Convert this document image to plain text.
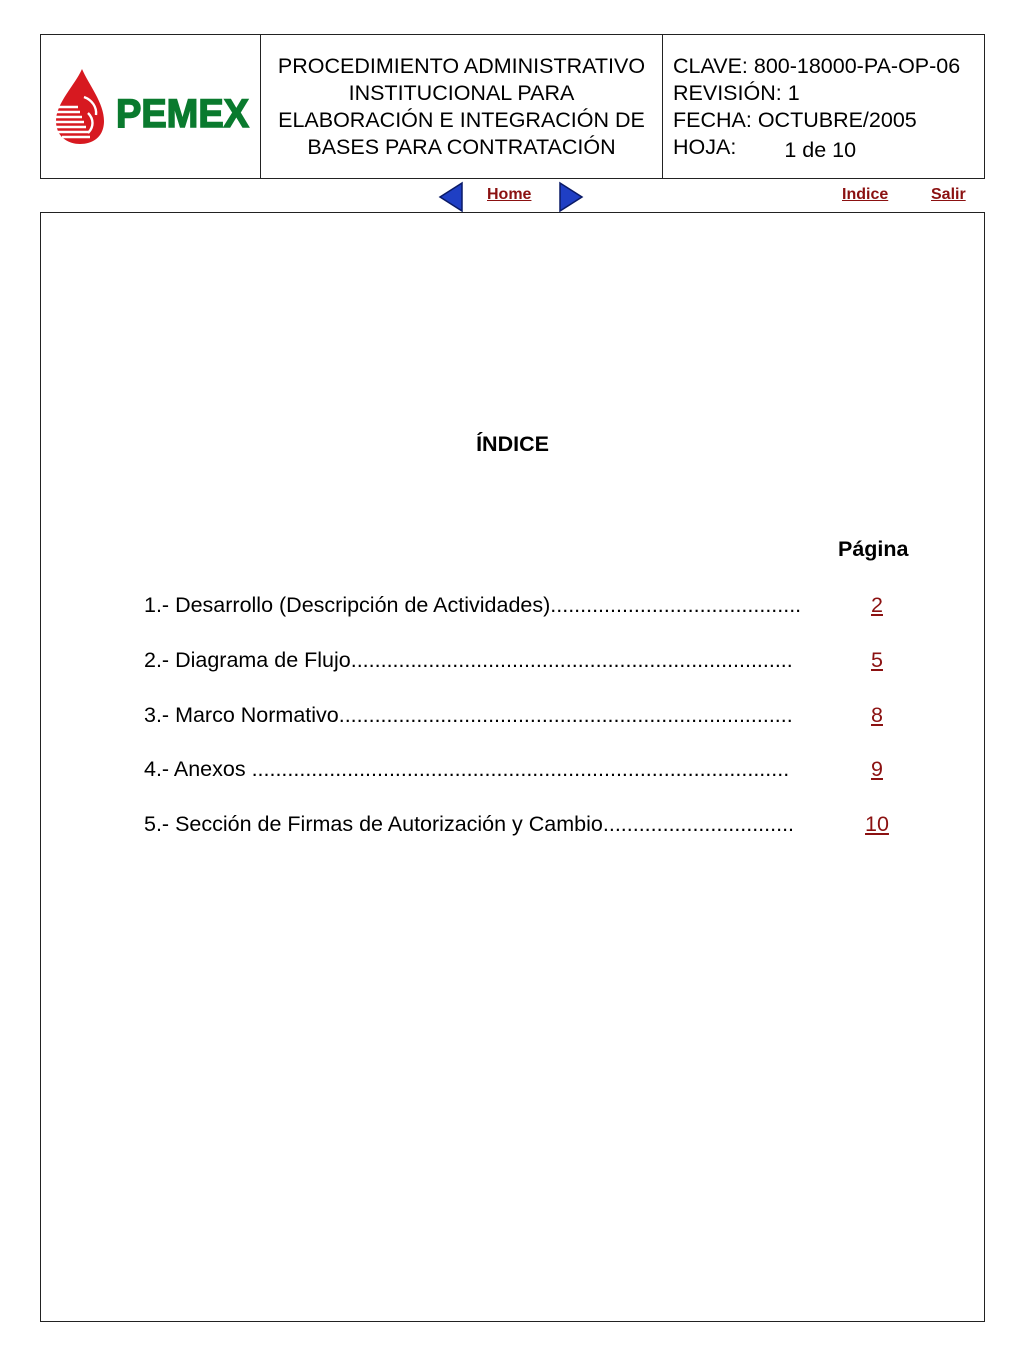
PEMEX
PROCEDIMIENTO ADMINISTRATIVO
INSTITUCIONAL PARA
ELABORACIÓN E INTEGRACIÓN DE
BASES PARA CONTRATACIÓN
CLAVE: 800-18000-PA-OP-06
REVISIÓN: 1
FECHA: OCTUBRE/2005
HOJA: 1 de 10
Home	Indice	Salir
ÍNDICE
Página
1.- Desarrollo (Descripción de Actividades)..........................................	2
2.- Diagrama de Flujo..........................................................................	5
3.- Marco Normativo............................................................................	8
4.- Anexos ..........................................................................................	9
5.- Sección de Firmas de Autorización y Cambio................................	10
